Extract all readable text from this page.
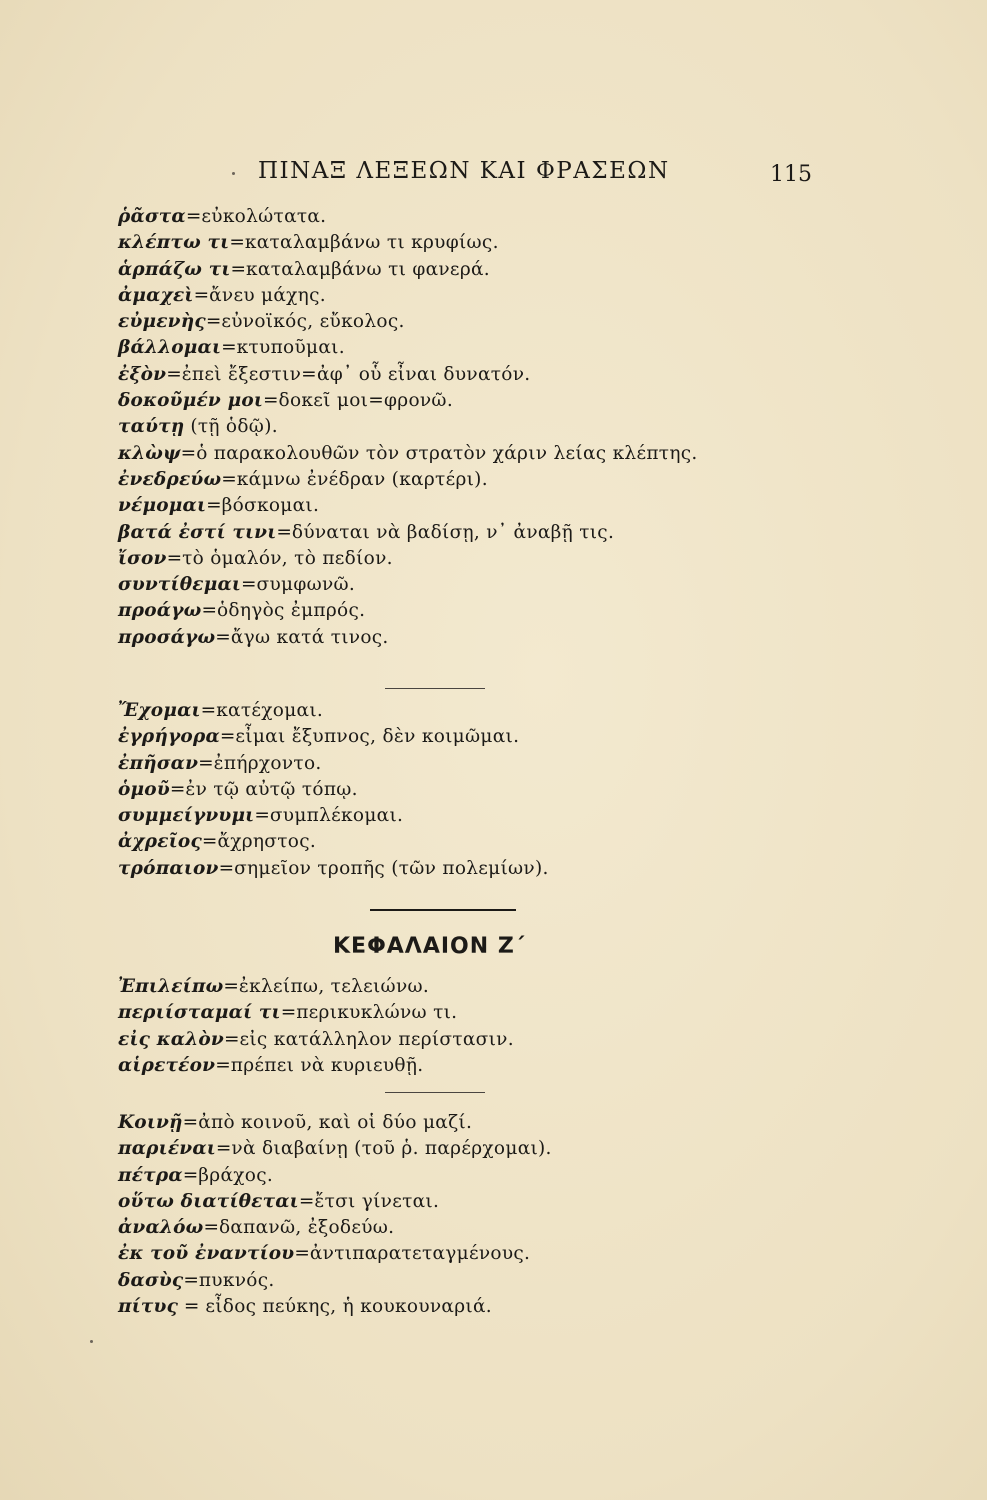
ΠΙΝΑΞ ΛΕΞΕΩΝ ΚΑΙ ΦΡΑΣΕΩΝ	115
ῥᾶστα=εὐκολώτατα.
κλέπτω τι=καταλαμβάνω τι κρυφίως.
ἁρπάζω τι=καταλαμβάνω τι φανερά.
ἀμαχεὶ=ἄνευ μάχης.
εὐμενὴς=εὐνοϊκός, εὔκολος.
βάλλομαι=κτυποῦμαι.
ἐξὸν=ἐπεὶ ἔξεστιν=ἀφ᾽ οὗ εἶναι δυνατόν.
δοκοῦμέν μοι=δοκεῖ μοι=φρονῶ.
ταύτῃ (τῇ ὁδῷ).
κλὼψ=ὁ παρακολουθῶν τὸν στρατὸν χάριν λείας κλέπτης.
ἐνεδρεύω=κάμνω ἐνέδραν (καρτέρι).
νέμομαι=βόσκομαι.
βατά ἐστί τινι=δύναται νὰ βαδίσῃ, ν᾽ ἀναβῇ τις.
ἴσον=τὸ ὁμαλόν, τὸ πεδίον.
συντίθεμαι=συμφωνῶ.
προάγω=ὁδηγὸς ἐμπρός.
προσάγω=ἄγω κατά τινος.
Ἔχομαι=κατέχομαι.
ἐγρήγορα=εἶμαι ἔξυπνος, δὲν κοιμῶμαι.
ἐπῆσαν=ἐπήρχοντο.
ὁμοῦ=ἐν τῷ αὐτῷ τόπῳ.
συμμείγνυμι=συμπλέκομαι.
ἀχρεῖος=ἄχρηστος.
τρόπαιον=σημεῖον τροπῆς (τῶν πολεμίων).
ΚΕΦΑΛΑΙΟΝ Ζ΄
Ἐπιλείπω=ἐκλείπω, τελειώνω.
περιίσταμαί τι=περικυκλώνω τι.
εἰς καλὸν=εἰς κατάλληλον περίστασιν.
αἱρετέον=πρέπει νὰ κυριευθῇ.
Κοινῇ=ἀπὸ κοινοῦ, καὶ οἱ δύο μαζί.
παριέναι=νὰ διαβαίνῃ (τοῦ ῥ. παρέρχομαι).
πέτρα=βράχος.
οὕτω διατίθεται=ἔτσι γίνεται.
ἀναλόω=δαπανῶ, ἐξοδεύω.
ἐκ τοῦ ἐναντίου=ἀντιπαρατεταγμένους.
δασὺς=πυκνός.
πίτυς = εἶδος πεύκης, ἡ κουκουναριά.
